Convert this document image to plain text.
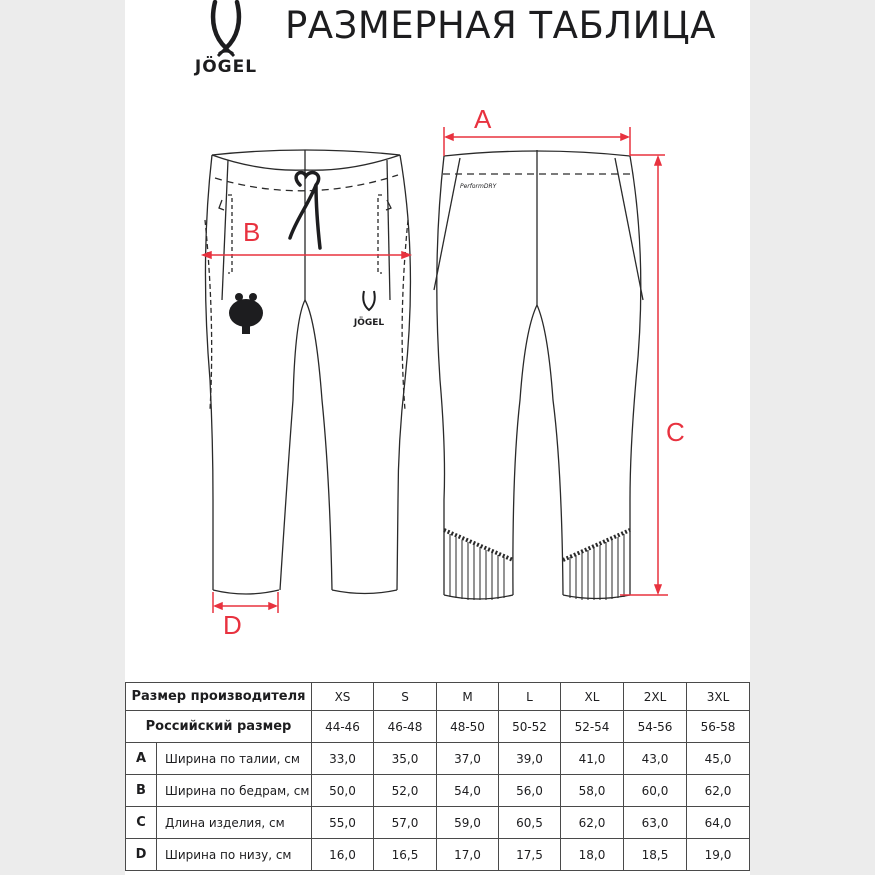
JÖGEL
РАЗМЕРНАЯ ТАБЛИЦА
JÖGEL
PerformDRY
A
B
C
D
Размер производителя		XS	S	M	L	XL	2XL	3XL
Российский размер		44-46	46-48	48-50	50-52	52-54	54-56	56-58
A	Ширина по талии, см	33,0	35,0	37,0	39,0	41,0	43,0	45,0
B	Ширина по бедрам, см	50,0	52,0	54,0	56,0	58,0	60,0	62,0
C	Длина изделия, см	55,0	57,0	59,0	60,5	62,0	63,0	64,0
D	Ширина по низу, см	16,0	16,5	17,0	17,5	18,0	18,5	19,0
